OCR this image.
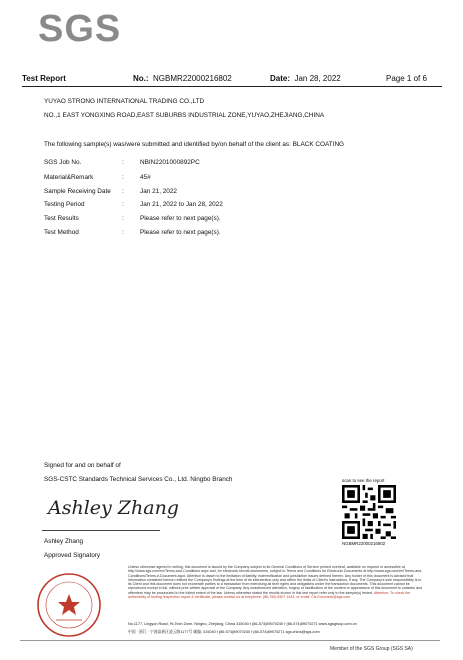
SGS
Test Report	No.: NGBMR22000216802	Date: Jan 28, 2022	Page 1 of 6
YUYAO STRONG INTERNATIONAL TRADING CO.,LTD
NO.,1 EAST YONGXING ROAD,EAST SUBURBS INDUSTRIAL ZONE,YUYAO,ZHEJIANG,CHINA
The following sample(s) was/were submitted and identified by/on behalf of the client as: BLACK COATING
SGS Job No.	:	NBIN2201000892PC
Material&Remark	:	45#
Sample Receiving Date :	Jan 21, 2022
Testing Period	:	Jan 21, 2022 to Jan 28, 2022
Test Results	:	Please refer to next page(s).
Test Method	:	Please refer to next page(s).
Signed for and on behalf of
SGS-CSTC Standards Technical Services Co., Ltd. Ningbo Branch
Ashley Zhang
Ashley Zhang
Approved Signatory
scan to see the report
NGBMR22000216802
Unless otherwise agreed in writing, this document is issued by the Company subject to its General Conditions of Service printed overleaf, available on request or accessible at http://www.sgs.com/en/Terms-and-Conditions.aspx and, for electronic format documents, subject to Terms and Conditions for Electronic Documents at http://www.sgs.com/en/Terms-and-Conditions/Terms-e-Document.aspx. Attention is drawn to the limitation of liability, indemnification and jurisdiction issues defined therein. Any holder of this document is advised that information contained hereon reflects the Company's findings at the time of its intervention only and within the limits of Client's instructions, if any. The Company's sole responsibility is to its Client and this document does not exonerate parties to a transaction from exercising all their rights and obligations under the transaction documents. This document cannot be reproduced except in full, without prior written approval of the Company. Any unauthorized alteration, forgery or falsification of the content or appearance of this document is unlawful and offenders may be prosecuted to the fullest extent of the law. Unless otherwise stated the results shown in this test report refer only to the sample(s) tested. Attention: To check the authenticity of testing /inspection report & certificate, please contact us at telephone: (86-755) 8307 1443, or email: CN.Doccheck@sgs.com
No.1177, Lingyun Road, Hi-Tech Zone, Ningbo, Zhejiang, China 315040 t (86-574)89070240 f (86-574)89070271 www.sgsgroup.com.cn
中国 · 浙江 · 宁波高新区凌云路1177号 邮编: 315040 t (86-574)89070240 f (86-574)89070271 sgs.china@sgs.com
Member of the SGS Group (SGS SA)
